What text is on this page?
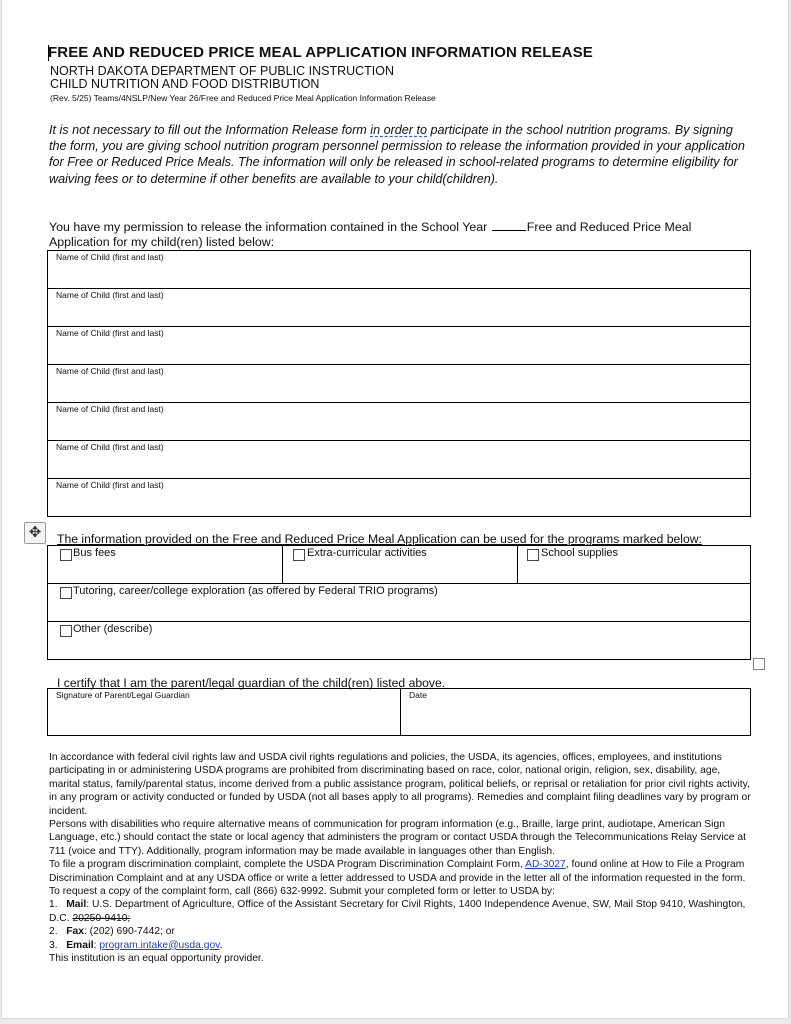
FREE AND REDUCED PRICE MEAL APPLICATION INFORMATION RELEASE
NORTH DAKOTA DEPARTMENT OF PUBLIC INSTRUCTION
CHILD NUTRITION AND FOOD DISTRIBUTION
(Rev. 5/25) Teams/4NSLP/New Year 26/Free and Reduced Price Meal Application Information Release
It is not necessary to fill out the Information Release form in order to participate in the school nutrition programs. By signing the form, you are giving school nutrition program personnel permission to release the information provided in your application for Free or Reduced Price Meals. The information will only be released in school-related programs to determine eligibility for waiving fees or to determine if other benefits are available to your child(children).
You have my permission to release the information contained in the School Year	Free and Reduced Price Meal Application for my child(ren) listed below:
Name of Child (first and last)
Name of Child (first and last)
Name of Child (first and last)
Name of Child (first and last)
Name of Child (first and last)
Name of Child (first and last)
Name of Child (first and last)
✥	The information provided on the Free and Reduced Price Meal Application can be used for the programs marked below:
Bus fees	Extra-curricular activities	School supplies
Tutoring, career/college exploration (as offered by Federal TRIO programs)
Other (describe)
I certify that I am the parent/legal guardian of the child(ren) listed above.
Signature of Parent/Legal Guardian	Date

In accordance with federal civil rights law and USDA civil rights regulations and policies, the USDA, its agencies, offices, employees, and institutions participating in or administering USDA programs are prohibited from discriminating based on race, color, national origin, religion, sex, disability, age, marital status, family/parental status, income derived from a public assistance program, political beliefs, or reprisal or retaliation for prior civil rights activity, in any program or activity conducted or funded by USDA (not all bases apply to all programs). Remedies and complaint filing deadlines vary by program or incident.

Persons with disabilities who require alternative means of communication for program information (e.g., Braille, large print, audiotape, American Sign Language, etc.) should contact the state or local agency that administers the program or contact USDA through the Telecommunications Relay Service at 711 (voice and TTY). Additionally, program information may be made available in languages other than English.

To file a program discrimination complaint, complete the USDA Program Discrimination Complaint Form, AD-3027, found online at How to File a Program Discrimination Complaint and at any USDA office or write a letter addressed to USDA and provide in the letter all of the information requested in the form. To request a copy of the complaint form, call (866) 632-9992. Submit your completed form or letter to USDA by:

1. Mail: U.S. Department of Agriculture, Office of the Assistant Secretary for Civil Rights, 1400 Independence Avenue, SW, Mail Stop 9410, Washington, D.C. 20250-9410;

2. Fax: (202) 690-7442; or

3. Email: program.intake@usda.gov.

This institution is an equal opportunity provider.
